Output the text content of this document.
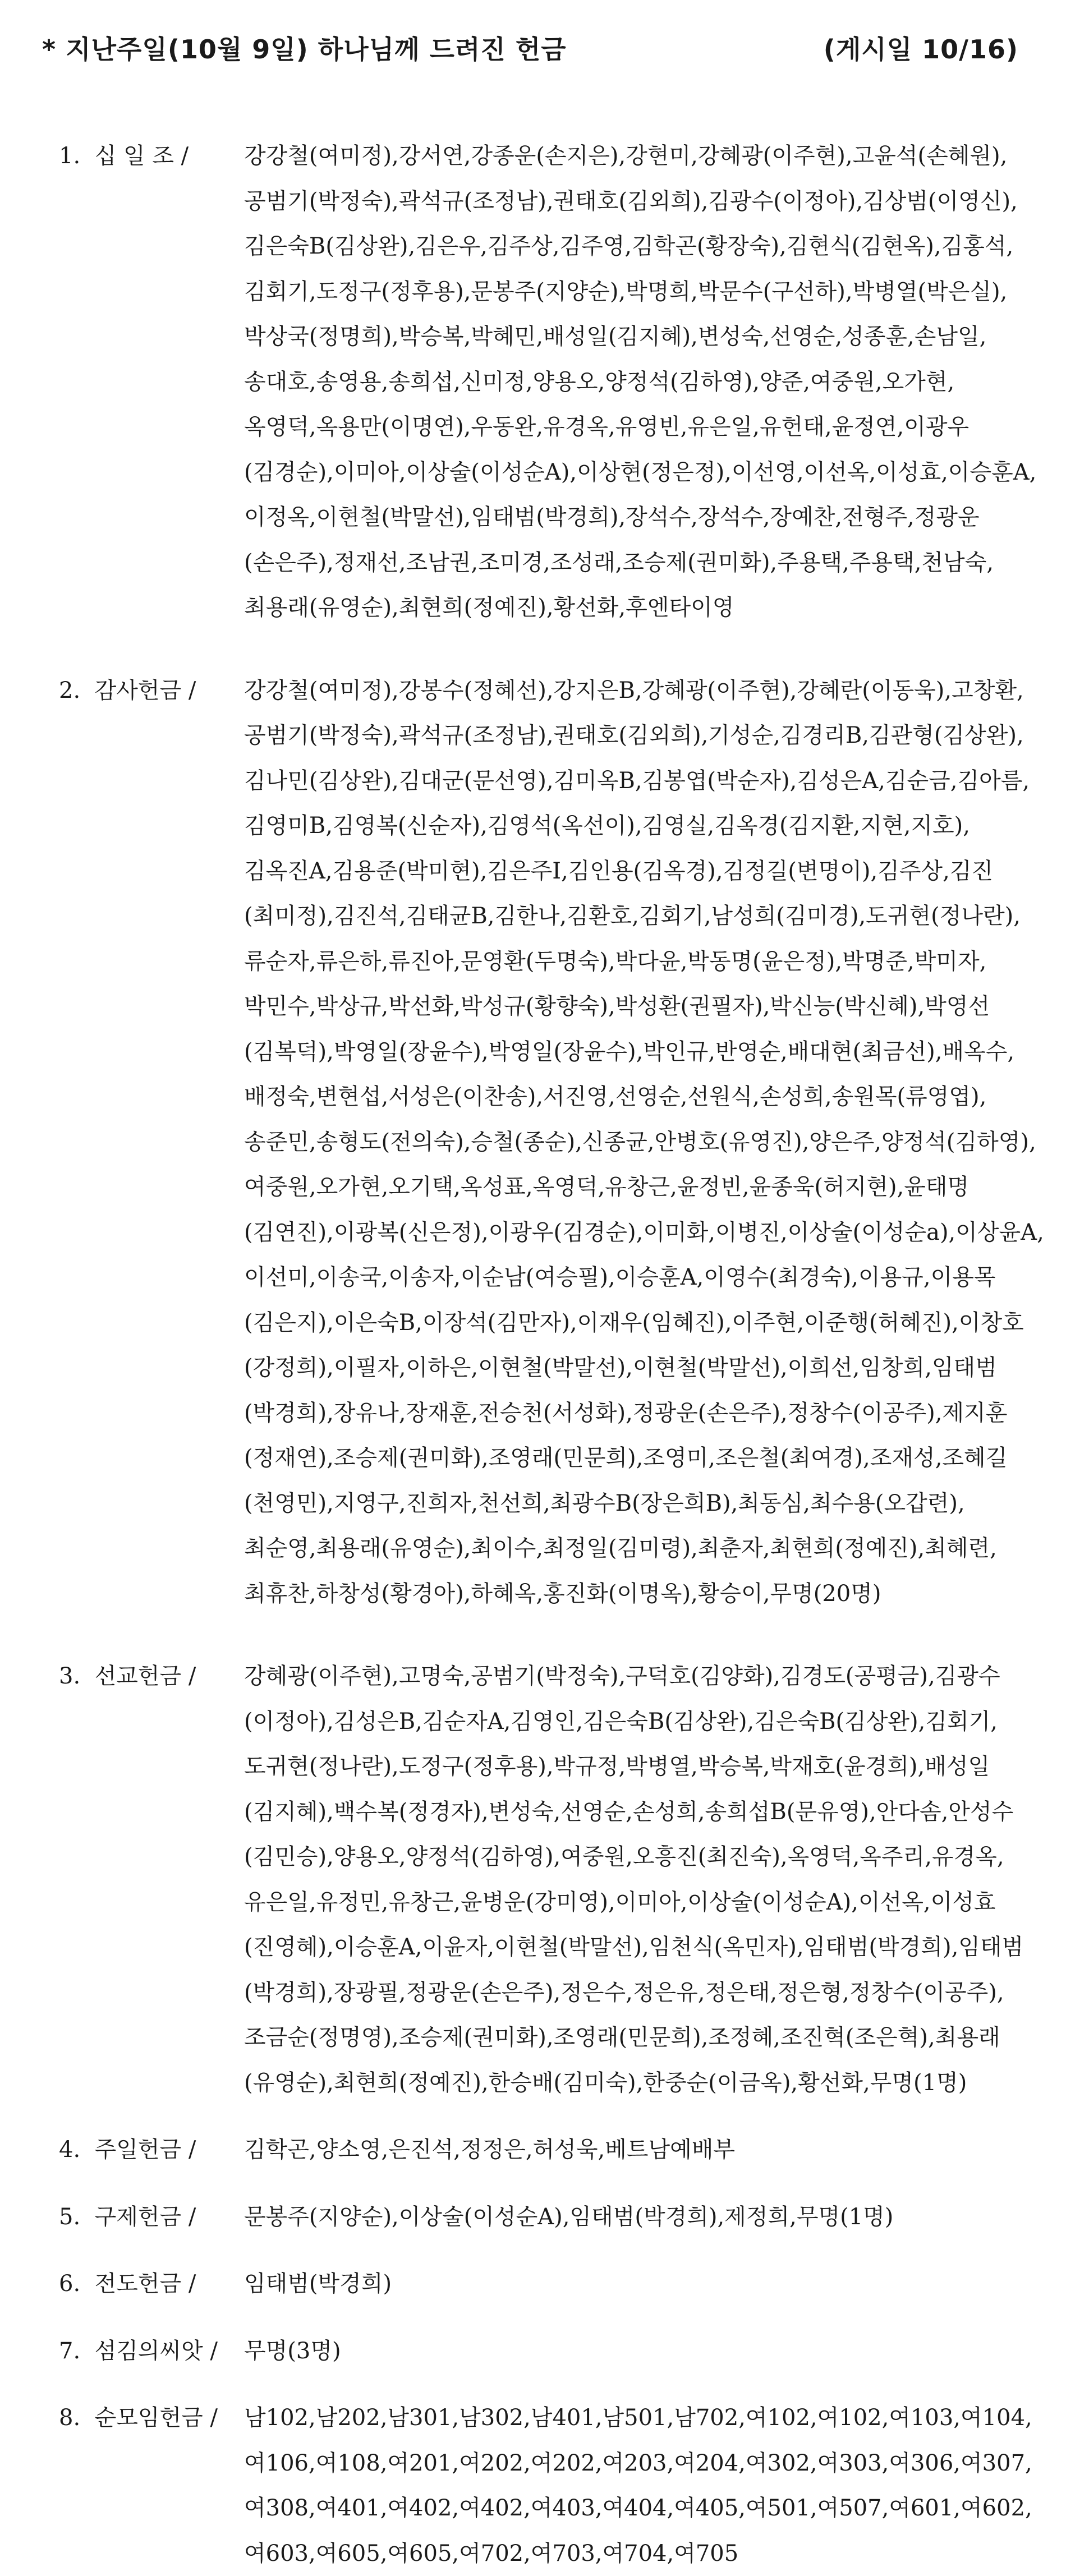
* 지난주일(10월 9일) 하나님께 드려진 헌금	(게시일 10/16)
1. 십 일 조 /	강강철(여미정),강서연,강종운(손지은),강현미,강혜광(이주현),고윤석(손혜원),
공범기(박정숙),곽석규(조정남),권태호(김외희),김광수(이정아),김상범(이영신),
김은숙B(김상완),김은우,김주상,김주영,김학곤(황장숙),김현식(김현옥),김홍석,
김회기,도정구(정후용),문봉주(지양순),박명희,박문수(구선하),박병열(박은실),
박상국(정명희),박승복,박혜민,배성일(김지혜),변성숙,선영순,성종훈,손남일,
송대호,송영용,송희섭,신미정,양용오,양정석(김하영),양준,여중원,오가현,
옥영덕,옥용만(이명연),우동완,유경옥,유영빈,유은일,유헌태,윤정연,이광우
(김경순),이미아,이상술(이성순A),이상현(정은정),이선영,이선옥,이성효,이승훈A,
이정옥,이현철(박말선),임태범(박경희),장석수,장석수,장예찬,전형주,정광운
(손은주),정재선,조남권,조미경,조성래,조승제(권미화),주용택,주용택,천남숙,
최용래(유영순),최현희(정예진),황선화,후엔타이영
2. 감사헌금 /	강강철(여미정),강봉수(정혜선),강지은B,강혜광(이주현),강혜란(이동욱),고창환,
공범기(박정숙),곽석규(조정남),권태호(김외희),기성순,김경리B,김관형(김상완),
김나민(김상완),김대군(문선영),김미옥B,김봉엽(박순자),김성은A,김순금,김아름,
김영미B,김영복(신순자),김영석(옥선이),김영실,김옥경(김지환,지현,지호),
김옥진A,김용준(박미현),김은주I,김인용(김옥경),김정길(변명이),김주상,김진
(최미정),김진석,김태균B,김한나,김환호,김회기,남성희(김미경),도귀현(정나란),
류순자,류은하,류진아,문영환(두명숙),박다윤,박동명(윤은정),박명준,박미자,
박민수,박상규,박선화,박성규(황향숙),박성환(권필자),박신능(박신혜),박영선
(김복덕),박영일(장윤수),박영일(장윤수),박인규,반영순,배대현(최금선),배옥수,
배정숙,변현섭,서성은(이찬송),서진영,선영순,선원식,손성희,송원목(류영엽),
송준민,송형도(전의숙),승철(종순),신종균,안병호(유영진),양은주,양정석(김하영),
여중원,오가현,오기택,옥성표,옥영덕,유창근,윤정빈,윤종욱(허지현),윤태명
(김연진),이광복(신은정),이광우(김경순),이미화,이병진,이상술(이성순a),이상윤A,
이선미,이송국,이송자,이순남(여승필),이승훈A,이영수(최경숙),이용규,이용목
(김은지),이은숙B,이장석(김만자),이재우(임혜진),이주현,이준행(허혜진),이창호
(강정희),이필자,이하은,이현철(박말선),이현철(박말선),이희선,임창희,임태범
(박경희),장유나,장재훈,전승천(서성화),정광운(손은주),정창수(이공주),제지훈
(정재연),조승제(권미화),조영래(민문희),조영미,조은철(최여경),조재성,조혜길
(천영민),지영구,진희자,천선희,최광수B(장은희B),최동심,최수용(오갑련),
최순영,최용래(유영순),최이수,최정일(김미령),최춘자,최현희(정예진),최혜련,
최휴찬,하창성(황경아),하혜옥,홍진화(이명옥),황승이,무명(20명)
3. 선교헌금 /	강혜광(이주현),고명숙,공범기(박정숙),구덕호(김양화),김경도(공평금),김광수
(이정아),김성은B,김순자A,김영인,김은숙B(김상완),김은숙B(김상완),김회기,
도귀현(정나란),도정구(정후용),박규정,박병열,박승복,박재호(윤경희),배성일
(김지혜),백수복(정경자),변성숙,선영순,손성희,송희섭B(문유영),안다솜,안성수
(김민승),양용오,양정석(김하영),여중원,오흥진(최진숙),옥영덕,옥주리,유경옥,
유은일,유정민,유창근,윤병운(강미영),이미아,이상술(이성순A),이선옥,이성효
(진영혜),이승훈A,이윤자,이현철(박말선),임천식(옥민자),임태범(박경희),임태범
(박경희),장광필,정광운(손은주),정은수,정은유,정은태,정은형,정창수(이공주),
조금순(정명영),조승제(권미화),조영래(민문희),조정혜,조진혁(조은혁),최용래
(유영순),최현희(정예진),한승배(김미숙),한중순(이금옥),황선화,무명(1명)
4. 주일헌금 /	김학곤,양소영,은진석,정정은,허성욱,베트남예배부
5. 구제헌금 /	문봉주(지양순),이상술(이성순A),임태범(박경희),제정희,무명(1명)
6. 전도헌금 /	임태범(박경희)
7. 섬김의씨앗 /	무명(3명)
8. 순모임헌금 /	남102,남202,남301,남302,남401,남501,남702,여102,여102,여103,여104,
여106,여108,여201,여202,여202,여203,여204,여302,여303,여306,여307,
여308,여401,여402,여402,여403,여404,여405,여501,여507,여601,여602,
여603,여605,여605,여702,여703,여704,여705
